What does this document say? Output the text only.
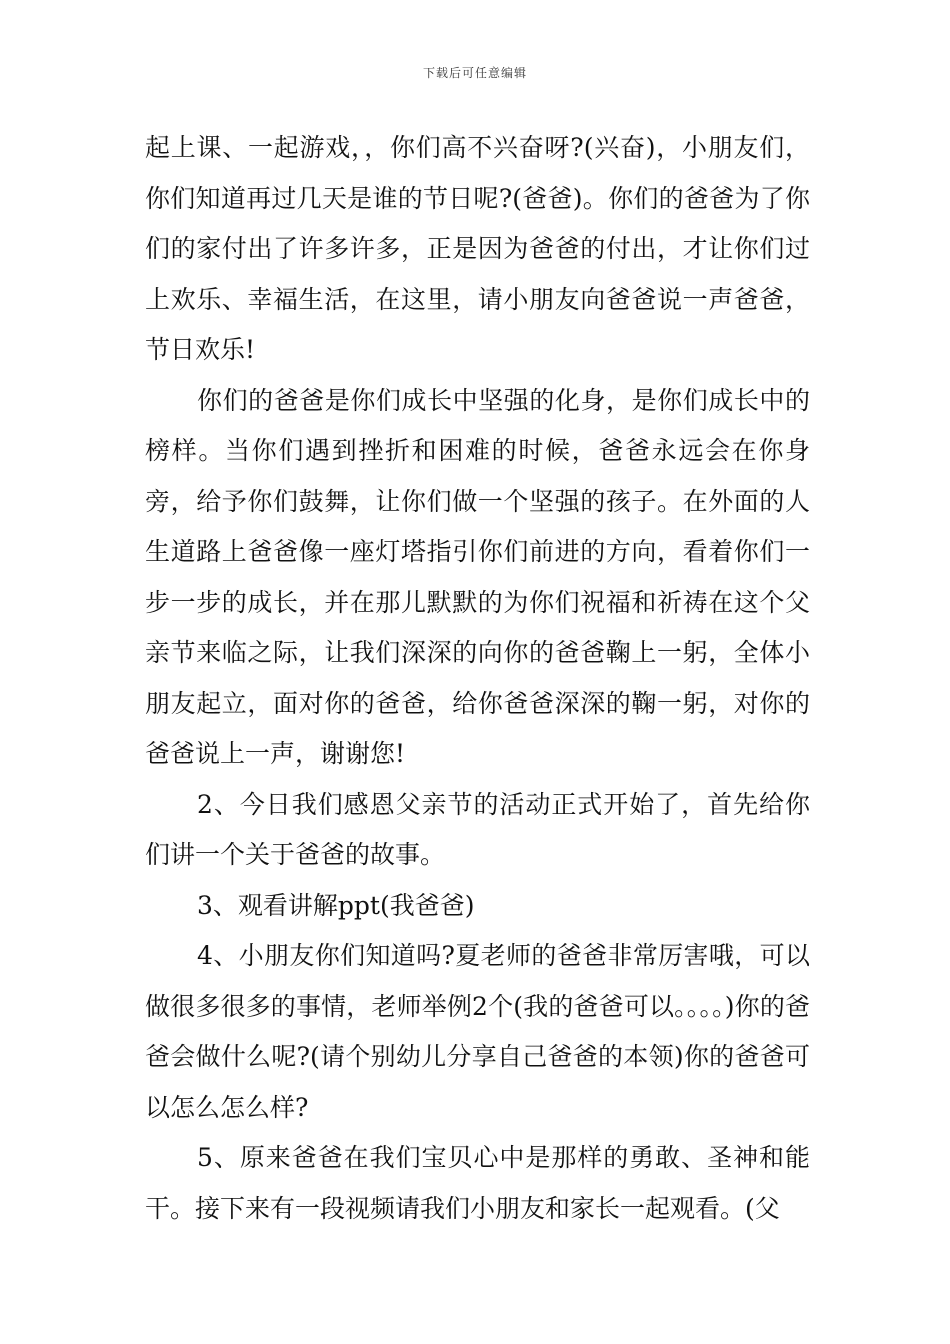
下载后可任意编辑

起上课、一起游戏，，你们高不兴奋呀?(兴奋)，小朋友们，你们知道再过几天是谁的节日呢?(爸爸)。你们的爸爸为了你们的家付出了许多许多，正是因为爸爸的付出，才让你们过上欢乐、幸福生活，在这里，请小朋友向爸爸说一声爸爸，节日欢乐!

你们的爸爸是你们成长中坚强的化身，是你们成长中的榜样。当你们遇到挫折和困难的时候，爸爸永远会在你身旁，给予你们鼓舞，让你们做一个坚强的孩子。在外面的人生道路上爸爸像一座灯塔指引你们前进的方向，看着你们一步一步的成长，并在那儿默默的为你们祝福和祈祷在这个父亲节来临之际，让我们深深的向你的爸爸鞠上一躬，全体小朋友起立，面对你的爸爸，给你爸爸深深的鞠一躬，对你的爸爸说上一声，谢谢您!

2、今日我们感恩父亲节的活动正式开始了，首先给你们讲一个关于爸爸的故事。

3、观看讲解ppt(我爸爸)

4、小朋友你们知道吗?夏老师的爸爸非常厉害哦，可以做很多很多的事情，老师举例2个(我的爸爸可以。。。。)你的爸爸会做什么呢?(请个别幼儿分享自己爸爸的本领)你的爸爸可以怎么怎么样?

5、原来爸爸在我们宝贝心中是那样的勇敢、圣神和能干。接下来有一段视频请我们小朋友和家长一起观看。(父
